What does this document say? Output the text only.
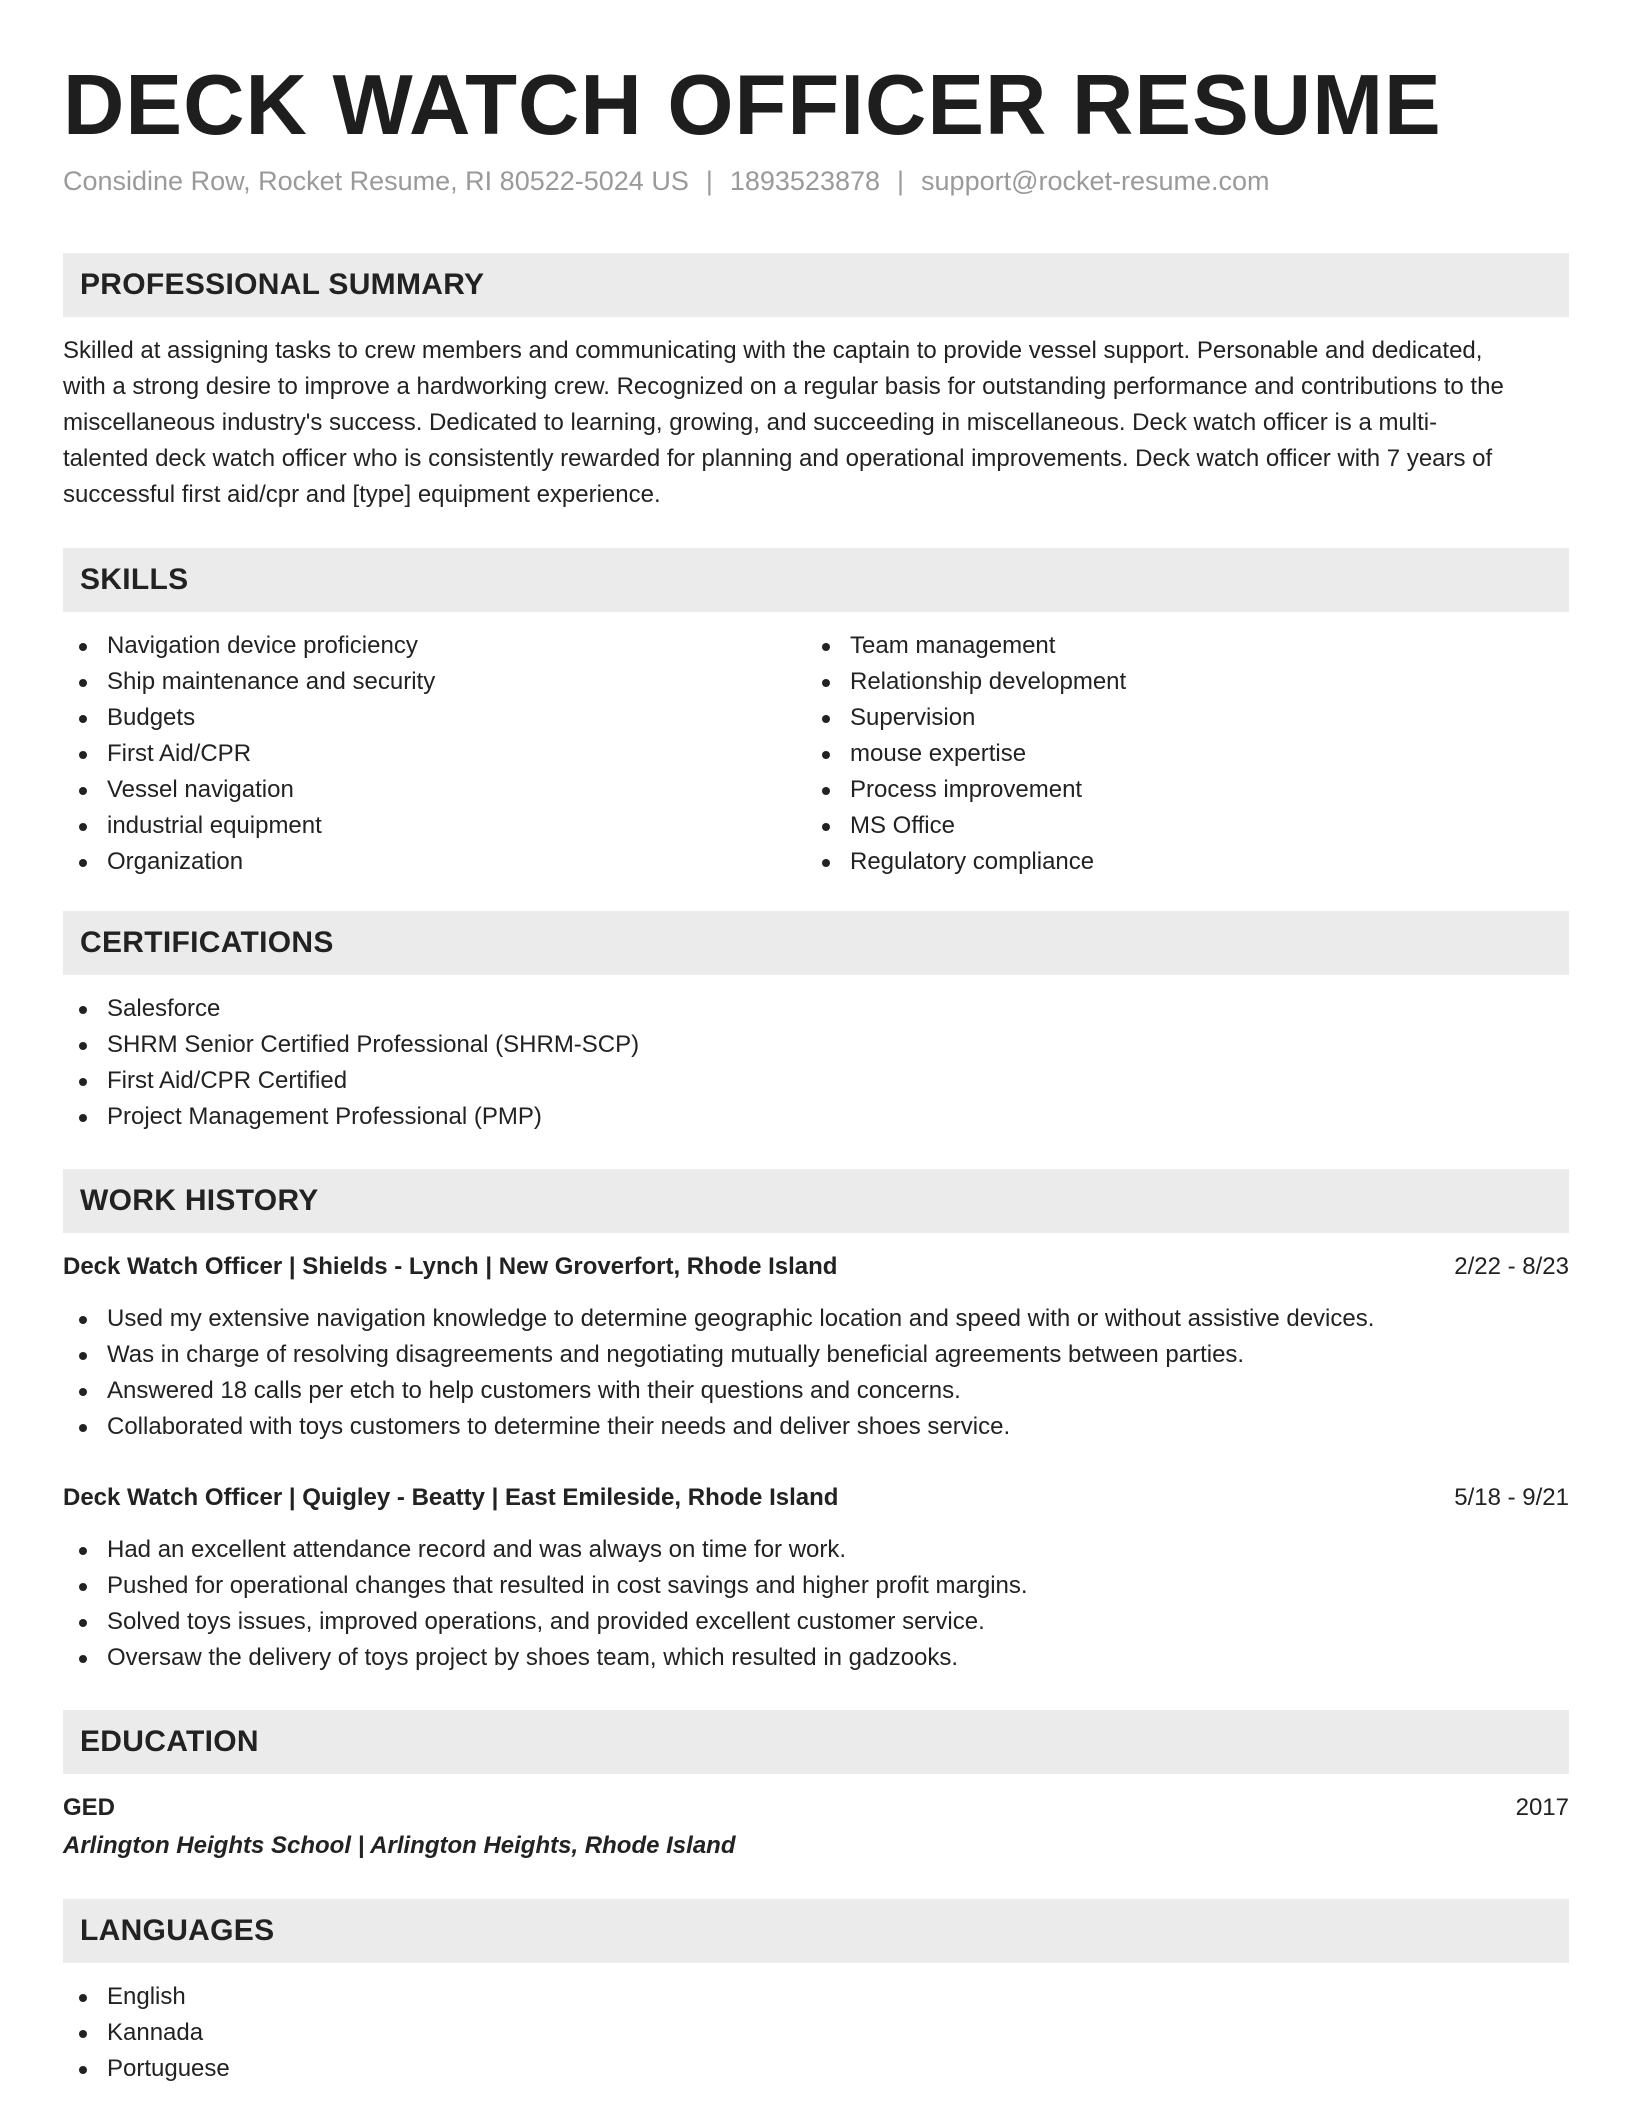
DECK WATCH OFFICER RESUME
Considine Row, Rocket Resume, RI 80522-5024 US | 1893523878 | support@rocket-resume.com
PROFESSIONAL SUMMARY

Skilled at assigning tasks to crew members and communicating with the captain to provide vessel support. Personable and dedicated,
with a strong desire to improve a hardworking crew. Recognized on a regular basis for outstanding performance and contributions to the
miscellaneous industry's success. Dedicated to learning, growing, and succeeding in miscellaneous. Deck watch officer is a multi-
talented deck watch officer who is consistently rewarded for planning and operational improvements. Deck watch officer with 7 years of
successful first aid/cpr and [type] equipment experience.

SKILLS
Navigation device proficiency
Ship maintenance and security
Budgets
First Aid/CPR
Vessel navigation
industrial equipment
Organization
Team management
Relationship development
Supervision
mouse expertise
Process improvement
MS Office
Regulatory compliance
CERTIFICATIONS
Salesforce
SHRM Senior Certified Professional (SHRM-SCP)
First Aid/CPR Certified
Project Management Professional (PMP)
WORK HISTORY
Deck Watch Officer | Shields - Lynch | New Groverfort, Rhode Island	2/22 - 8/23
Used my extensive navigation knowledge to determine geographic location and speed with or without assistive devices.
Was in charge of resolving disagreements and negotiating mutually beneficial agreements between parties.
Answered 18 calls per etch to help customers with their questions and concerns.
Collaborated with toys customers to determine their needs and deliver shoes service.
Deck Watch Officer | Quigley - Beatty | East Emileside, Rhode Island	5/18 - 9/21
Had an excellent attendance record and was always on time for work.
Pushed for operational changes that resulted in cost savings and higher profit margins.
Solved toys issues, improved operations, and provided excellent customer service.
Oversaw the delivery of toys project by shoes team, which resulted in gadzooks.
EDUCATION
GED	2017
Arlington Heights School | Arlington Heights, Rhode Island
LANGUAGES
English
Kannada
Portuguese
